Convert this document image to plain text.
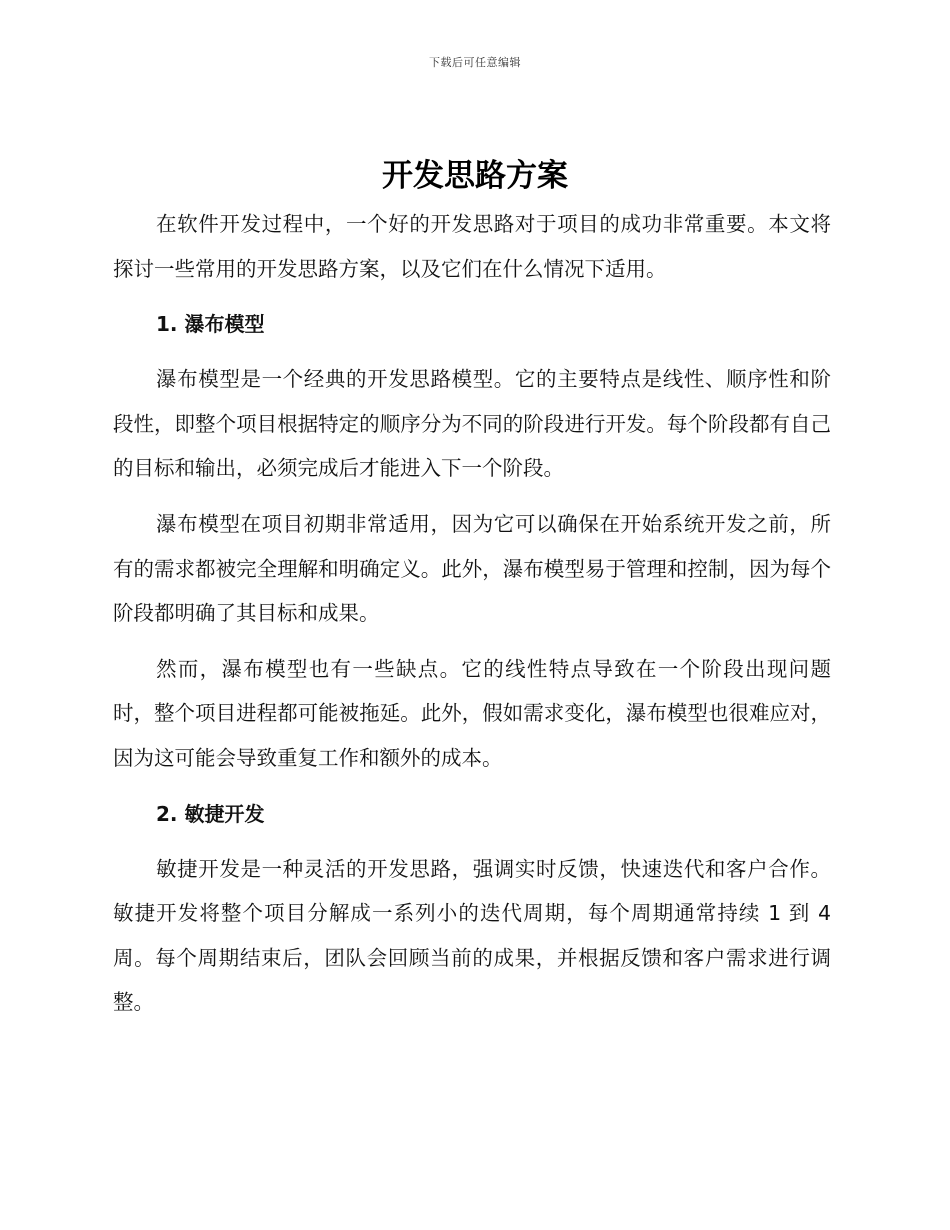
下载后可任意编辑
开发思路方案

在软件开发过程中，一个好的开发思路对于项目的成功非常重要。本文将探讨一些常用的开发思路方案，以及它们在什么情况下适用。

1. 瀑布模型

瀑布模型是一个经典的开发思路模型。它的主要特点是线性、顺序性和阶段性，即整个项目根据特定的顺序分为不同的阶段进行开发。每个阶段都有自己的目标和输出，必须完成后才能进入下一个阶段。

瀑布模型在项目初期非常适用，因为它可以确保在开始系统开发之前，所有的需求都被完全理解和明确定义。此外，瀑布模型易于管理和控制，因为每个阶段都明确了其目标和成果。

然而，瀑布模型也有一些缺点。它的线性特点导致在一个阶段出现问题时，整个项目进程都可能被拖延。此外，假如需求变化，瀑布模型也很难应对，因为这可能会导致重复工作和额外的成本。

2. 敏捷开发

敏捷开发是一种灵活的开发思路，强调实时反馈，快速迭代和客户合作。敏捷开发将整个项目分解成一系列小的迭代周期，每个周期通常持续 1 到 4 周。每个周期结束后，团队会回顾当前的成果，并根据反馈和客户需求进行调整。
